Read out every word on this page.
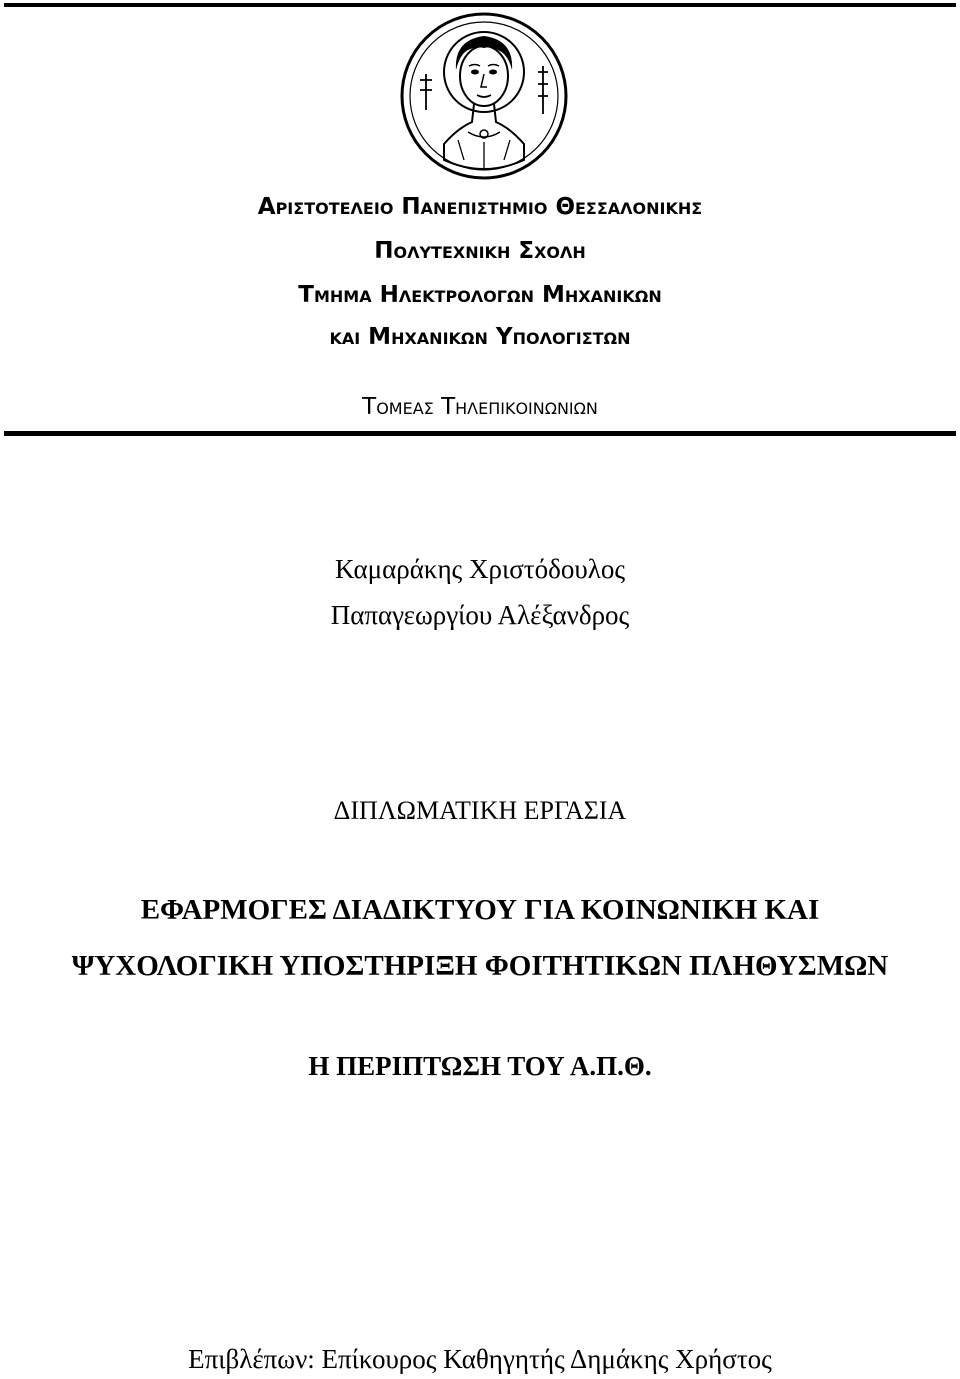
Αριστοτελειο Πανεπιστημιο Θεσσαλονικης
Πολυτεχνικη Σχολη
Τμημα Ηλεκτρολογων Μηχανικων
και Μηχανικων Υπολογιστων
Τομεας Τηλεπικοινωνιων
Καμαράκης Χριστόδουλος
Παπαγεωργίου Αλέξανδρος
ΔΙΠΛΩΜΑΤΙΚΗ ΕΡΓΑΣΙΑ
ΕΦΑΡΜΟΓΕΣ ΔΙΑΔΙΚΤΥΟΥ ΓΙΑ ΚΟΙΝΩΝΙΚΗ ΚΑΙ
ΨΥΧΟΛΟΓΙΚΗ ΥΠΟΣΤΗΡΙΞΗ ΦΟΙΤΗΤΙΚΩΝ ΠΛΗΘΥΣΜΩΝ
Η ΠΕΡΙΠΤΩΣΗ ΤΟΥ Α.Π.Θ.
Επιβλέπων: Επίκουρος Καθηγητής Δημάκης Χρήστος
